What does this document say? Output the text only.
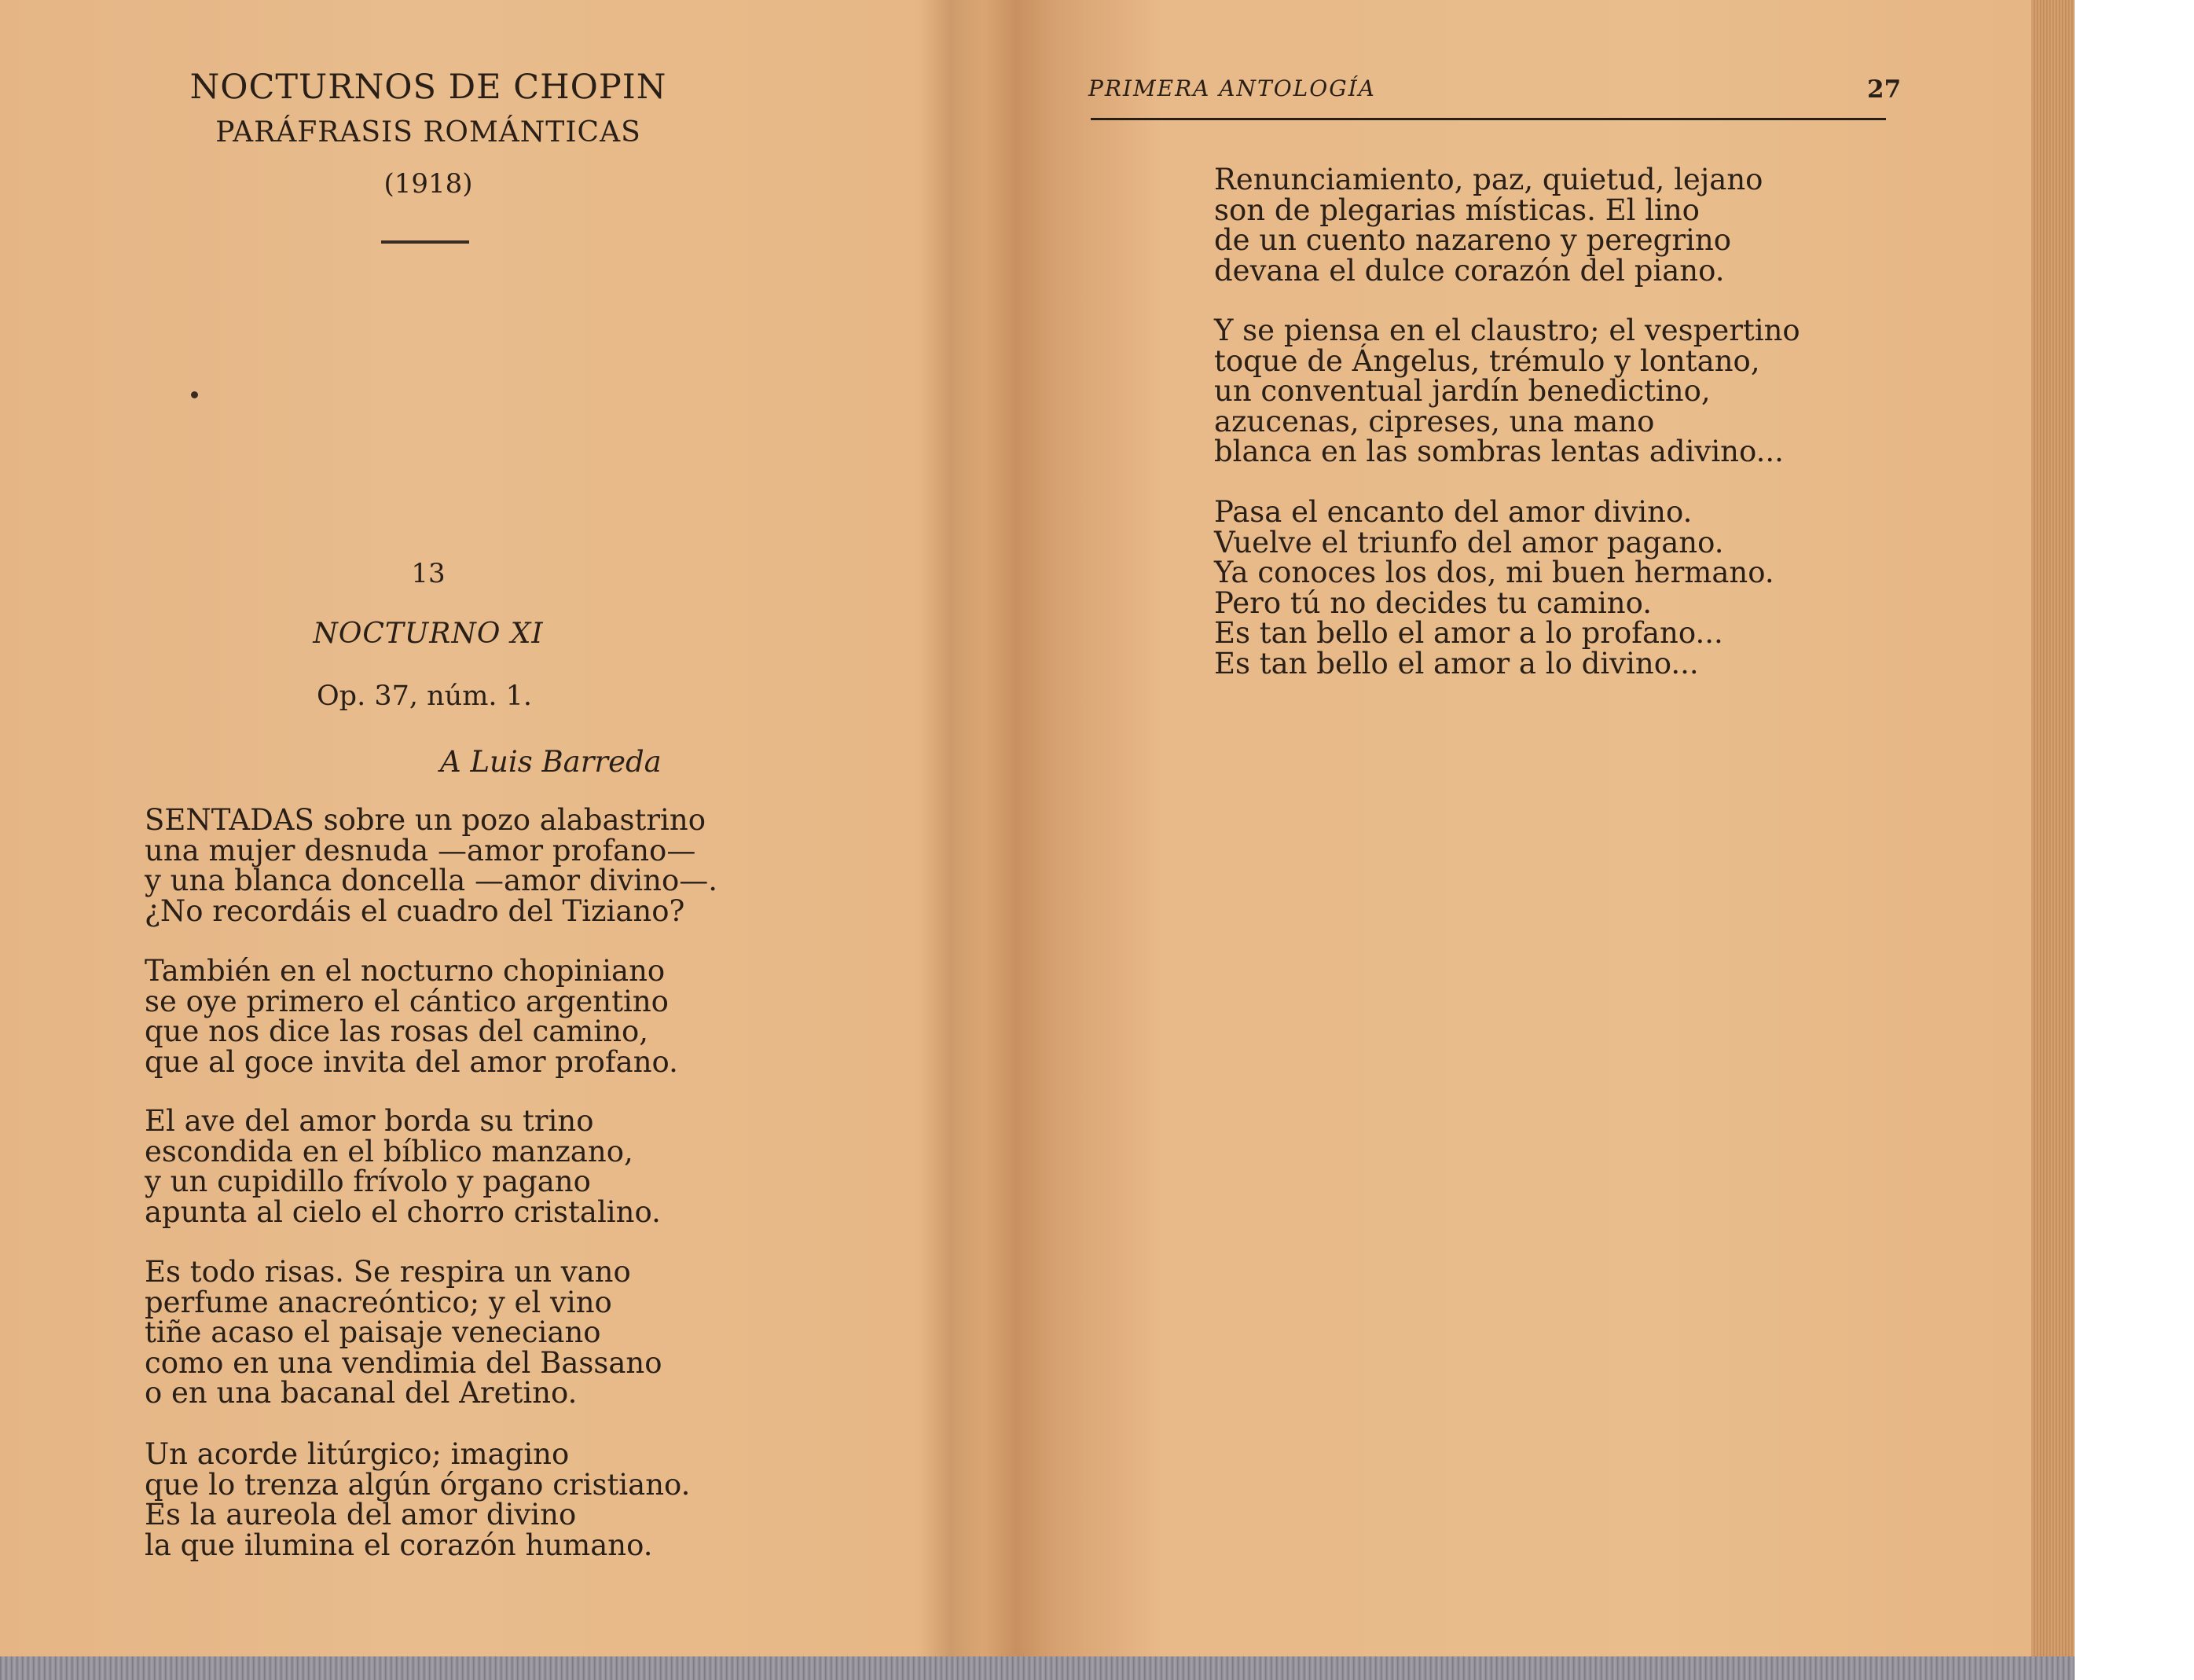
NOCTURNOS DE CHOPIN
PARÁFRASIS ROMÁNTICAS
(1918)
13
NOCTURNO XI
Op. 37, núm. 1.
A Luis Barreda
SENTADAS sobre un pozo alabastrino
una mujer desnuda —amor profano—
y una blanca doncella —amor divino—.
¿No recordáis el cuadro del Tiziano?
También en el nocturno chopiniano
se oye primero el cántico argentino
que nos dice las rosas del camino,
que al goce invita del amor profano.
El ave del amor borda su trino
escondida en el bíblico manzano,
y un cupidillo frívolo y pagano
apunta al cielo el chorro cristalino.
Es todo risas. Se respira un vano
perfume anacreóntico; y el vino
tiñe acaso el paisaje veneciano
como en una vendimia del Bassano
o en una bacanal del Aretino.
Un acorde litúrgico; imagino
que lo trenza algún órgano cristiano.
Es la aureola del amor divino
la que ilumina el corazón humano.
PRIMERA ANTOLOGÍA	27
Renunciamiento, paz, quietud, lejano
son de plegarias místicas. El lino
de un cuento nazareno y peregrino
devana el dulce corazón del piano.
Y se piensa en el claustro; el vespertino
toque de Ángelus, trémulo y lontano,
un conventual jardín benedictino,
azucenas, cipreses, una mano
blanca en las sombras lentas adivino...
Pasa el encanto del amor divino.
Vuelve el triunfo del amor pagano.
Ya conoces los dos, mi buen hermano.
Pero tú no decides tu camino.
Es tan bello el amor a lo profano...
Es tan bello el amor a lo divino...
